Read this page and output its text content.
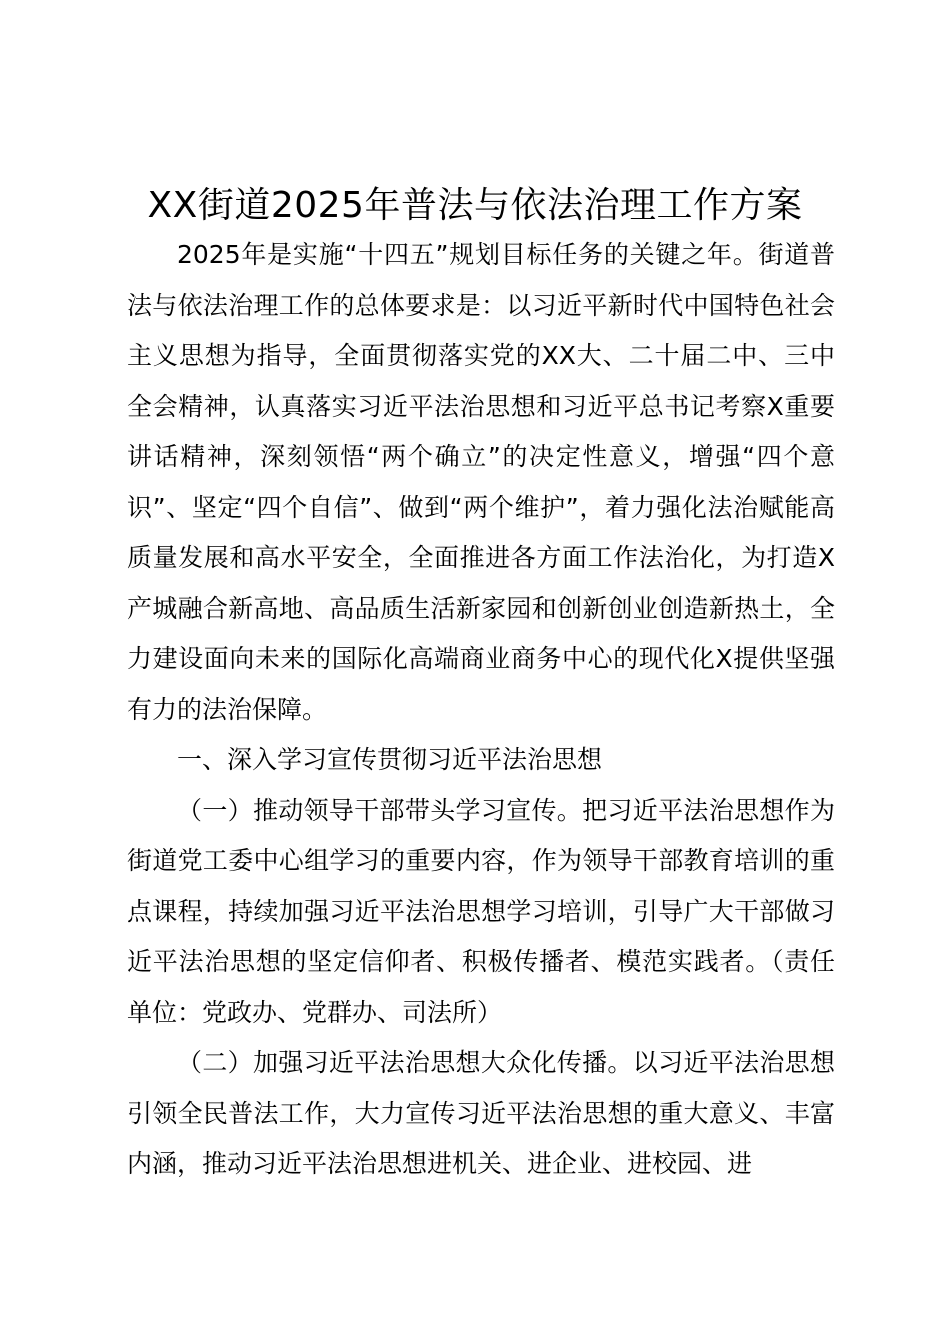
XX街道2025年普法与依法治理工作方案

2025年是实施“十四五”规划目标任务的关键之年。街道普法与依法治理工作的总体要求是：以习近平新时代中国特色社会主义思想为指导，全面贯彻落实党的XX大、二十届二中、三中全会精神，认真落实习近平法治思想和习近平总书记考察X重要讲话精神，深刻领悟“两个确立”的决定性意义，增强“四个意识”、坚定“四个自信”、做到“两个维护”，着力强化法治赋能高质量发展和高水平安全，全面推进各方面工作法治化，为打造X产城融合新高地、高品质生活新家园和创新创业创造新热土，全力建设面向未来的国际化高端商业商务中心的现代化X提供坚强有力的法治保障。

一、深入学习宣传贯彻习近平法治思想

（一）推动领导干部带头学习宣传。把习近平法治思想作为街道党工委中心组学习的重要内容，作为领导干部教育培训的重点课程，持续加强习近平法治思想学习培训，引导广大干部做习近平法治思想的坚定信仰者、积极传播者、模范实践者。（责任单位：党政办、党群办、司法所）

（二）加强习近平法治思想大众化传播。以习近平法治思想引领全民普法工作，大力宣传习近平法治思想的重大意义、丰富内涵，推动习近平法治思想进机关、进企业、进校园、进
